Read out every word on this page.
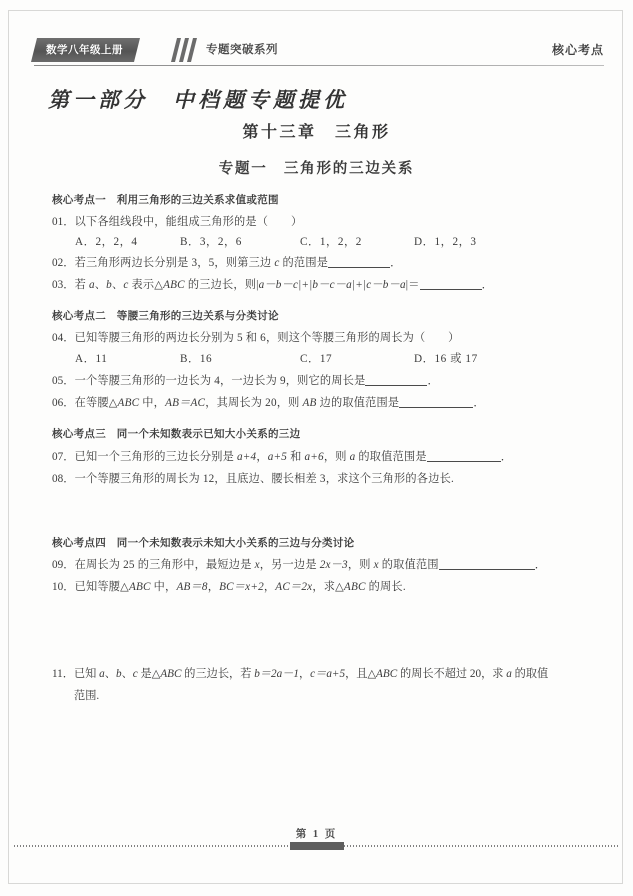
数学八年级上册	专题突破系列	核心考点
第一部分　中档题专题提优
第十三章　三角形
专题一　三角形的三边关系
核心考点一　利用三角形的三边关系求值或范围
01．以下各组线段中，能组成三角形的是（　　）
A．2，2，4	B．3，2，6	C．1，2，2	D．1，2，3
02．若三角形两边长分别是 3，5，则第三边 c 的范围是	．
03．若 a、b、c 表示△ABC 的三边长，则|a－b－c|+|b－c－a|+|c－b－a|＝	．
核心考点二　等腰三角形的三边关系与分类讨论
04．已知等腰三角形的两边长分别为 5 和 6，则这个等腰三角形的周长为（　　）
A．11	B．16	C．17	D．16 或 17
05．一个等腰三角形的一边长为 4，一边长为 9，则它的周长是	．
06．在等腰△ABC 中，AB＝AC，其周长为 20，则 AB 边的取值范围是	．
核心考点三　同一个未知数表示已知大小关系的三边
07．已知一个三角形的三边长分别是 a+4，a+5 和 a+6，则 a 的取值范围是	．
08．一个等腰三角形的周长为 12，且底边、腰长相差 3，求这个三角形的各边长.
核心考点四　同一个未知数表示未知大小关系的三边与分类讨论
09．在周长为 25 的三角形中，最短边是 x，另一边是 2x－3，则 x 的取值范围	．
10．已知等腰△ABC 中，AB＝8，BC＝x+2，AC＝2x，求△ABC 的周长.
11．已知 a、b、c 是△ABC 的三边长，若 b＝2a－1，c＝a+5，且△ABC 的周长不超过 20，求 a 的取值
范围.
第 1 页
